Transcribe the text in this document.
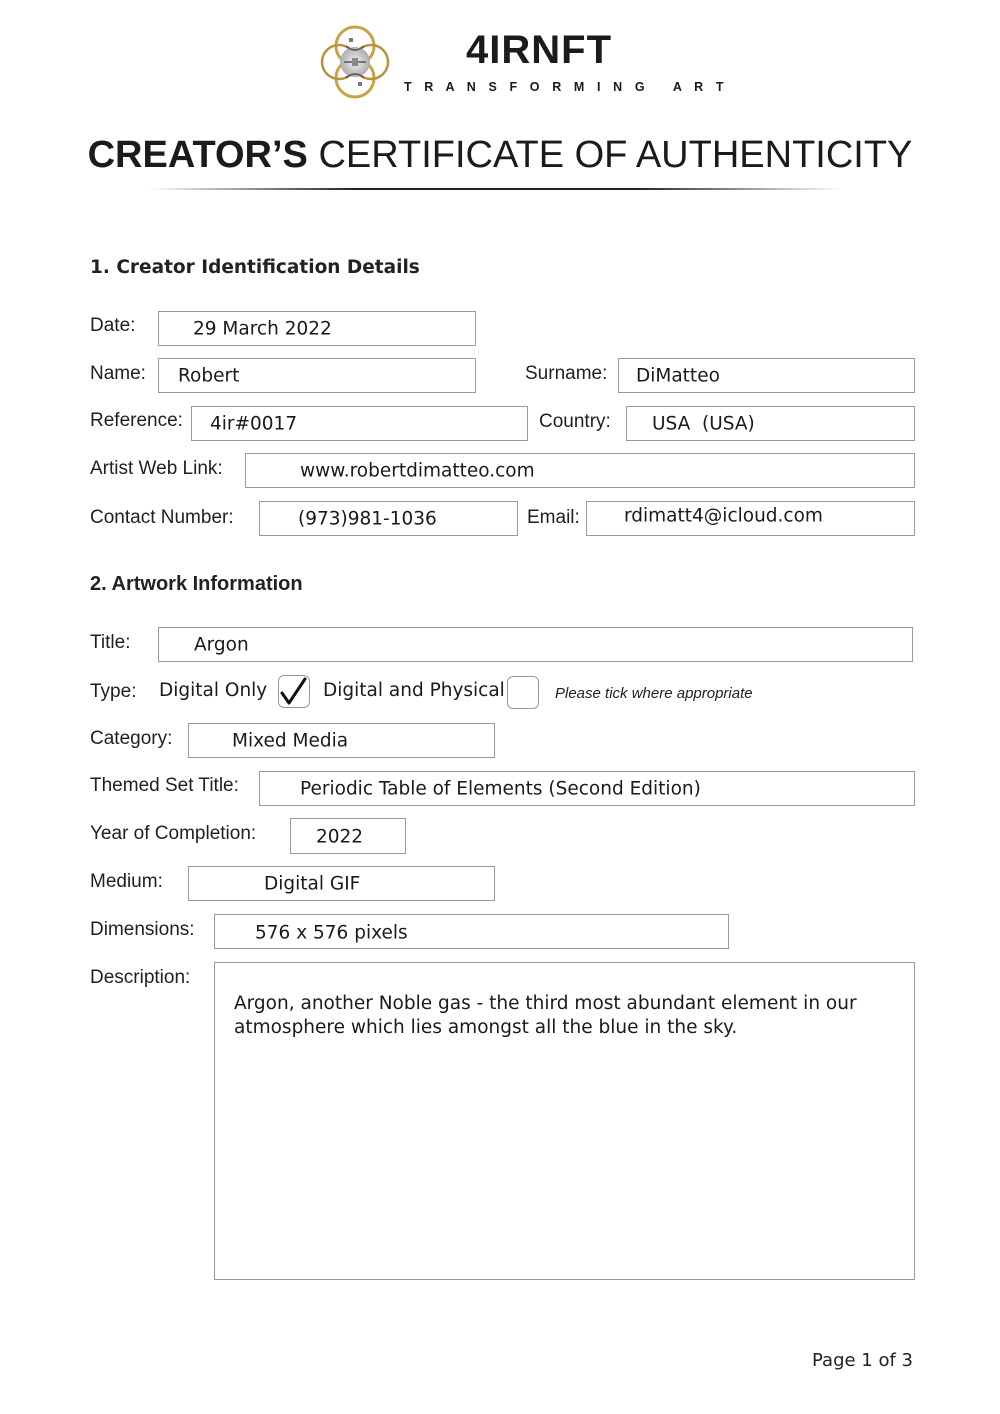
4IRNFT
T R A N S F O R M I N G   A R T
CREATOR’S CERTIFICATE OF AUTHENTICITY
1. Creator Identification Details
Date:	29 March 2022
Name: Robert	Surname: DiMatteo
Reference: 4ir#0017	Country: USA  (USA)
Artist Web Link:	www.robertdimatteo.com
Contact Number:	(973)981-1036	Email: rdimatt4@icloud.com
2. Artwork Information
Title:	Argon
Type: Digital Only	Digital and Physical	Please tick where appropriate
Category:	Mixed Media
Themed Set Title:	Periodic Table of Elements (Second Edition)
Year of Completion:	2022
Medium:	Digital GIF
Dimensions:	576 x 576 pixels
Description:
Argon, another Noble gas - the third most abundant element in our
atmosphere which lies amongst all the blue in the sky.
Page 1 of 3
